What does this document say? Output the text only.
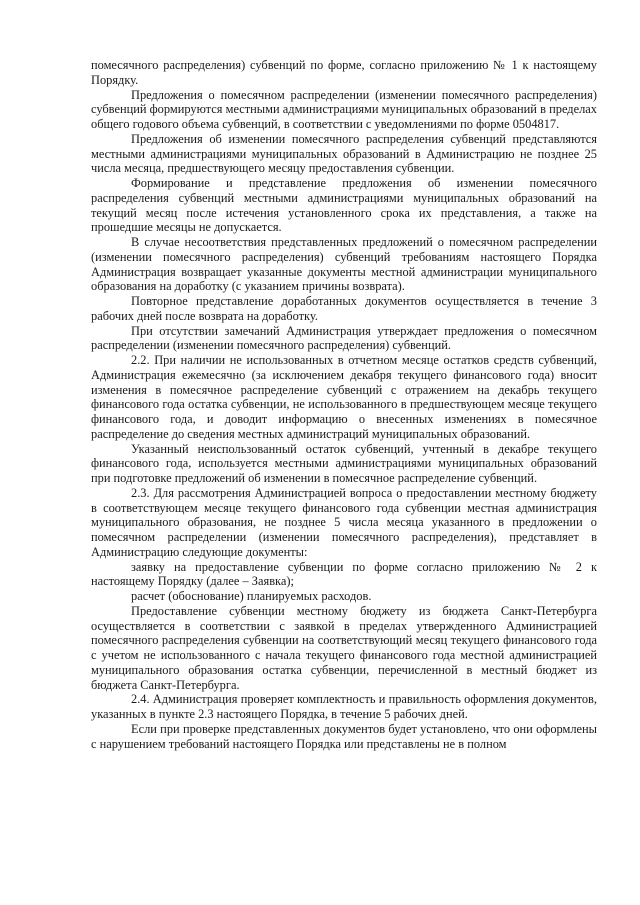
помесячного распределения) субвенций по форме, согласно приложению № 1 к настоящему Порядку.

Предложения о помесячном распределении (изменении помесячного распределения) субвенций формируются местными администрациями муниципальных образований в пределах общего годового объема субвенций, в соответствии с уведомлениями по форме 0504817.

Предложения об изменении помесячного распределения субвенций представляются местными администрациями муниципальных образований в Администрацию не позднее 25 числа месяца, предшествующего месяцу предоставления субвенции.

Формирование и представление предложения об изменении помесячного распределения субвенций местными администрациями муниципальных образований на текущий месяц после истечения установленного срока их представления, а также на прошедшие месяцы не допускается.

В случае несоответствия представленных предложений о помесячном распределении (изменении помесячного распределения) субвенций требованиям настоящего Порядка Администрация возвращает указанные документы местной администрации муниципального образования на доработку (с указанием причины возврата).

Повторное представление доработанных документов осуществляется в течение 3 рабочих дней после возврата на доработку.

При отсутствии замечаний Администрация утверждает предложения о помесячном распределении (изменении помесячного распределения) субвенций.

2.2. При наличии не использованных в отчетном месяце остатков средств субвенций, Администрация ежемесячно (за исключением декабря текущего финансового года) вносит изменения в помесячное распределение субвенций с отражением на декабрь текущего финансового года остатка субвенции, не использованного в предшествующем месяце текущего финансового года, и доводит информацию о внесенных изменениях в помесячное распределение до сведения местных администраций муниципальных образований.

Указанный неиспользованный остаток субвенций, учтенный в декабре текущего финансового года, используется местными администрациями муниципальных образований при подготовке предложений об изменении в помесячное распределение субвенций.

2.3. Для рассмотрения Администрацией вопроса о предоставлении местному бюджету в соответствующем месяце текущего финансового года субвенции местная администрация муниципального образования, не позднее 5 числа месяца указанного в предложении о помесячном распределении (изменении помесячного распределения), представляет в Администрацию следующие документы:

заявку на предоставление субвенции по форме согласно приложению № 2 к настоящему Порядку (далее – Заявка);

расчет (обоснование) планируемых расходов.

Предоставление субвенции местному бюджету из бюджета Санкт-Петербурга осуществляется в соответствии с заявкой в пределах утвержденного Администрацией помесячного распределения субвенции на соответствующий месяц текущего финансового года с учетом не использованного с начала текущего финансового года местной администрацией муниципального образования остатка субвенции, перечисленной в местный бюджет из бюджета Санкт-Петербурга.

2.4. Администрация проверяет комплектность и правильность оформления документов, указанных в пункте 2.3 настоящего Порядка, в течение 5 рабочих дней.

Если при проверке представленных документов будет установлено, что они оформлены с нарушением требований настоящего Порядка или представлены не в полном
